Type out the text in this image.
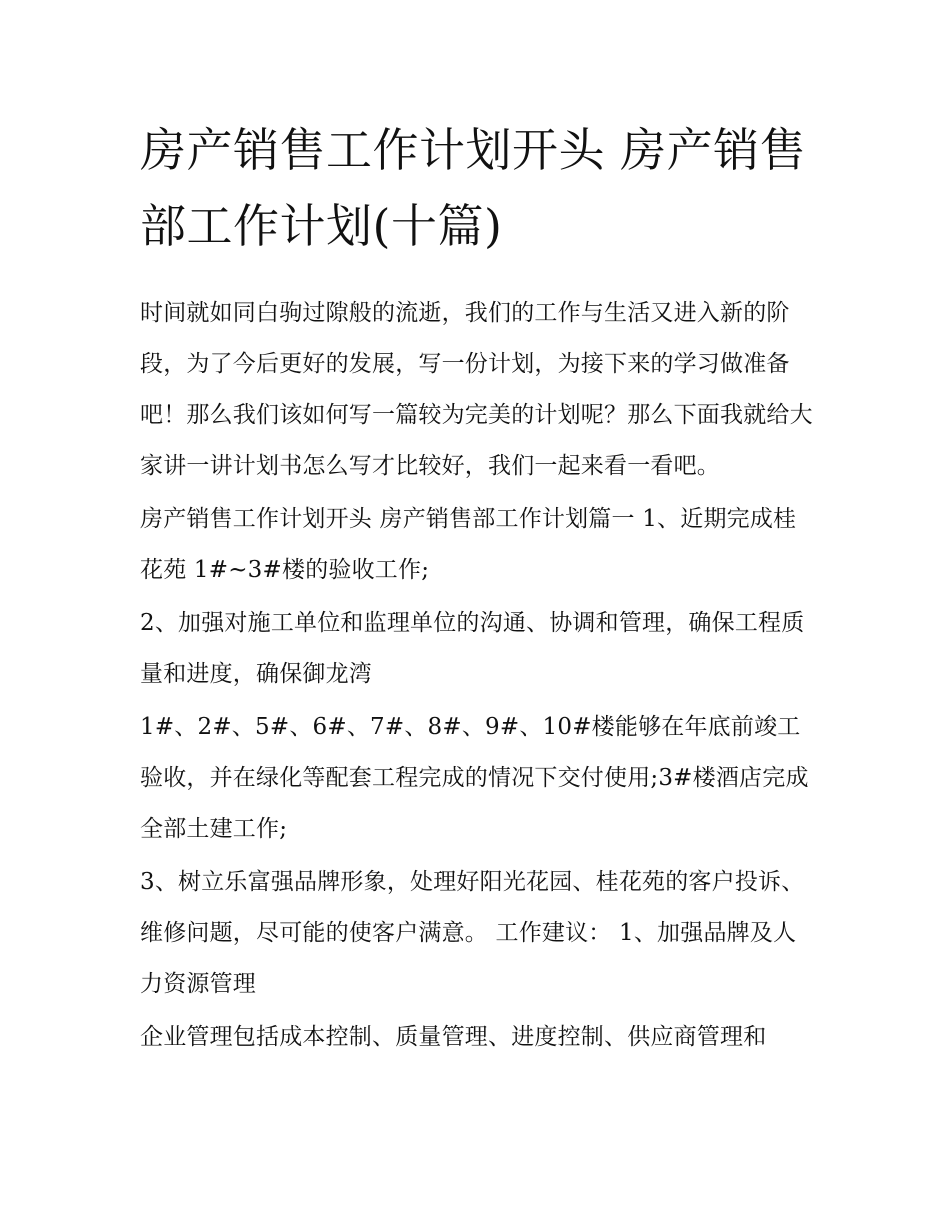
房产销售工作计划开头 房产销售部工作计划(十篇)

时间就如同白驹过隙般的流逝，我们的工作与生活又进入新的阶段，为了今后更好的发展，写一份计划，为接下来的学习做准备吧！那么我们该如何写一篇较为完美的计划呢？那么下面我就给大家讲一讲计划书怎么写才比较好，我们一起来看一看吧。

房产销售工作计划开头 房产销售部工作计划篇一 1、近期完成桂花苑 1#~3#楼的验收工作;

2、加强对施工单位和监理单位的沟通、协调和管理，确保工程质量和进度，确保御龙湾

1#、2#、5#、6#、7#、8#、9#、10#楼能够在年底前竣工验收，并在绿化等配套工程完成的情况下交付使用;3#楼酒店完成全部土建工作;

3、树立乐富强品牌形象，处理好阳光花园、桂花苑的客户投诉、维修问题，尽可能的使客户满意。 工作建议： 1、加强品牌及人力资源管理

企业管理包括成本控制、质量管理、进度控制、供应商管理和
